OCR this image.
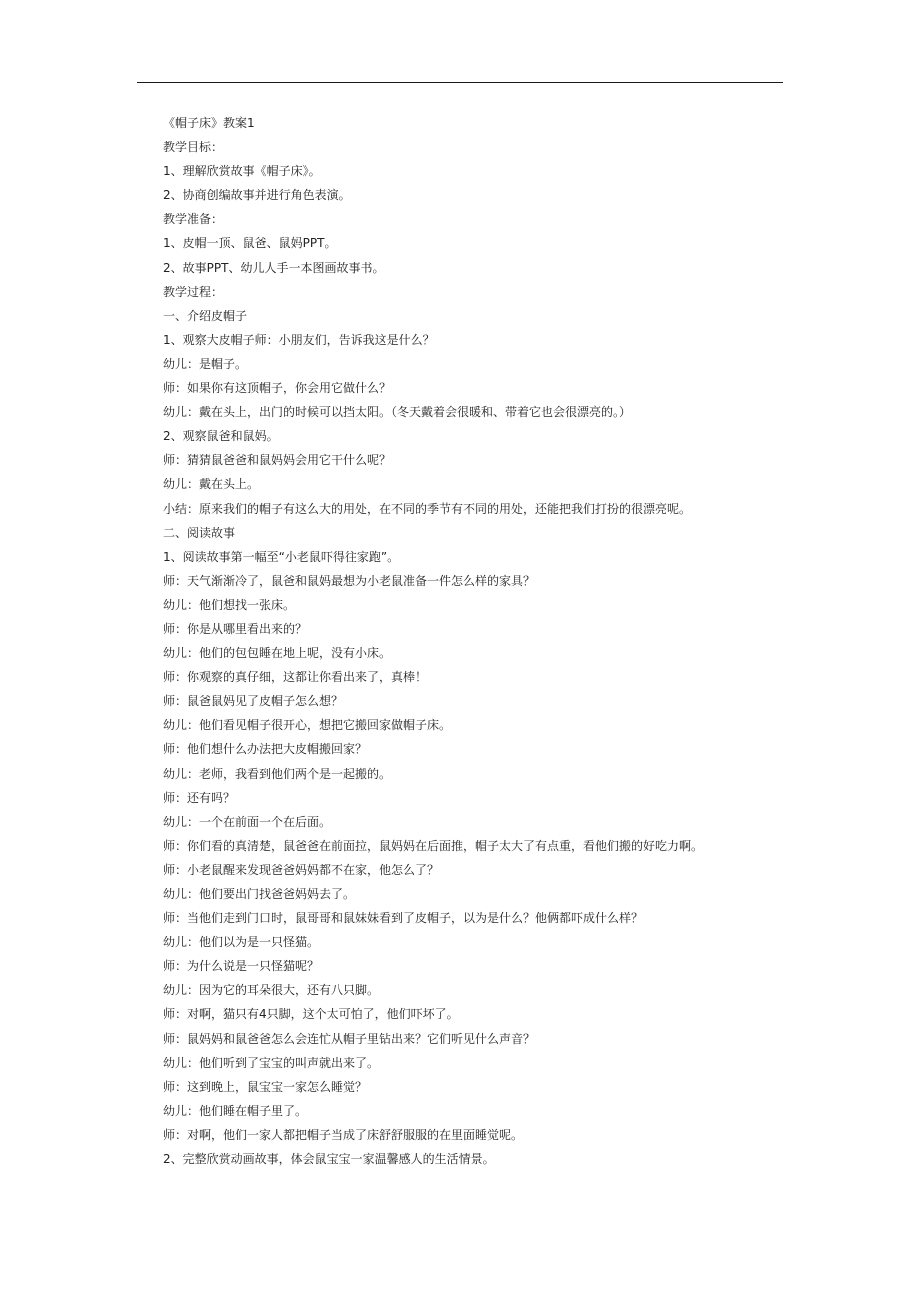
《帽子床》教案1

教学目标：

1、理解欣赏故事《帽子床》。

2、协商创编故事并进行角色表演。

教学准备：

1、皮帽一顶、鼠爸、鼠妈PPT。

2、故事PPT、幼儿人手一本图画故事书。

教学过程：

一、介绍皮帽子

1、观察大皮帽子师：小朋友们，告诉我这是什么？

幼儿：是帽子。

师：如果你有这顶帽子，你会用它做什么？

幼儿：戴在头上，出门的时候可以挡太阳。（冬天戴着会很暖和、带着它也会很漂亮的。）

2、观察鼠爸和鼠妈。

师：猜猜鼠爸爸和鼠妈妈会用它干什么呢？

幼儿：戴在头上。

小结：原来我们的帽子有这么大的用处，在不同的季节有不同的用处，还能把我们打扮的很漂亮呢。

二、阅读故事

1、阅读故事第一幅至“小老鼠吓得往家跑”。

师：天气渐渐冷了，鼠爸和鼠妈最想为小老鼠准备一件怎么样的家具？

幼儿：他们想找一张床。

师：你是从哪里看出来的？

幼儿：他们的包包睡在地上呢，没有小床。

师：你观察的真仔细，这都让你看出来了，真棒！

师：鼠爸鼠妈见了皮帽子怎么想？

幼儿：他们看见帽子很开心，想把它搬回家做帽子床。

师：他们想什么办法把大皮帽搬回家？

幼儿：老师，我看到他们两个是一起搬的。

师：还有吗？

幼儿：一个在前面一个在后面。

师：你们看的真清楚，鼠爸爸在前面拉，鼠妈妈在后面推，帽子太大了有点重，看他们搬的好吃力啊。

师：小老鼠醒来发现爸爸妈妈都不在家，他怎么了？

幼儿：他们要出门找爸爸妈妈去了。

师：当他们走到门口时，鼠哥哥和鼠妹妹看到了皮帽子，以为是什么？他俩都吓成什么样？

幼儿：他们以为是一只怪猫。

师：为什么说是一只怪猫呢？

幼儿：因为它的耳朵很大，还有八只脚。

师：对啊，猫只有4只脚，这个太可怕了，他们吓坏了。

师：鼠妈妈和鼠爸爸怎么会连忙从帽子里钻出来？它们听见什么声音？

幼儿：他们听到了宝宝的叫声就出来了。

师：这到晚上，鼠宝宝一家怎么睡觉？

幼儿：他们睡在帽子里了。

师：对啊，他们一家人都把帽子当成了床舒舒服服的在里面睡觉呢。

2、完整欣赏动画故事，体会鼠宝宝一家温馨感人的生活情景。
